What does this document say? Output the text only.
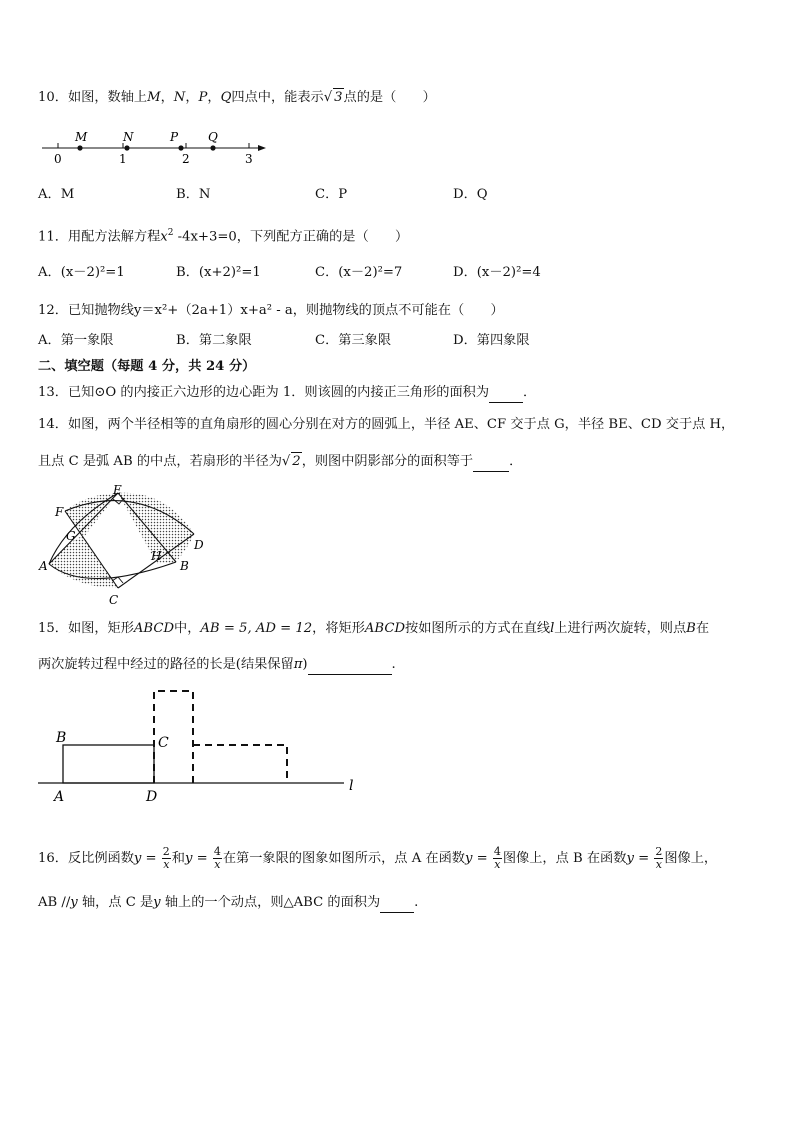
10．如图，数轴上M，N，P，Q四点中，能表示√ 3点的是（　　）
0	1	2	3
M	N	P Q
A．M	B．N	C．P	D．Q
11．用配方法解方程$x^2$ -4x+3=0，下列配方正确的是（　　）
A．(x－2)²=1	B．(x+2)²=1	C．(x－2)²=7	D．(x－2)²=4
12．已知抛物线y＝x²+（2a+1）x+a² - a，则抛物线的顶点不可能在（　　）
A．第一象限	B．第二象限	C．第三象限	D．第四象限
二、填空题（每题 4 分，共 24 分）
13．已知⊙O 的内接正六边形的边心距为 1．则该圆的内接正三角形的面积为	．
14．如图，两个半径相等的直角扇形的圆心分别在对方的圆弧上，半径 AE、CF 交于点 G，半径 BE、CD 交于点 H，
且点 C 是弧 AB 的中点，若扇形的半径为√ 2，则图中阴影部分的面积等于	．
E
F
G
A
H
D
B
C
15．如图，矩形ABCD中，AB = 5, AD = 12，将矩形ABCD按如图所示的方式在直线l上进行两次旋转，则点B在
两次旋转过程中经过的路径的长是(结果保留π)	.
B	C
A	D
l
16．反比例函数$y = \frac{2}{x}$ 和$y = \frac{4}{x}$ 在第一象限的图象如图所示，点 A 在函数$y = \frac{4}{x}$ 图像上，点 B 在函数$y = \frac{2}{x}$ 图像上，
AB //y 轴，点 C 是y 轴上的一个动点，则△ABC 的面积为	.
